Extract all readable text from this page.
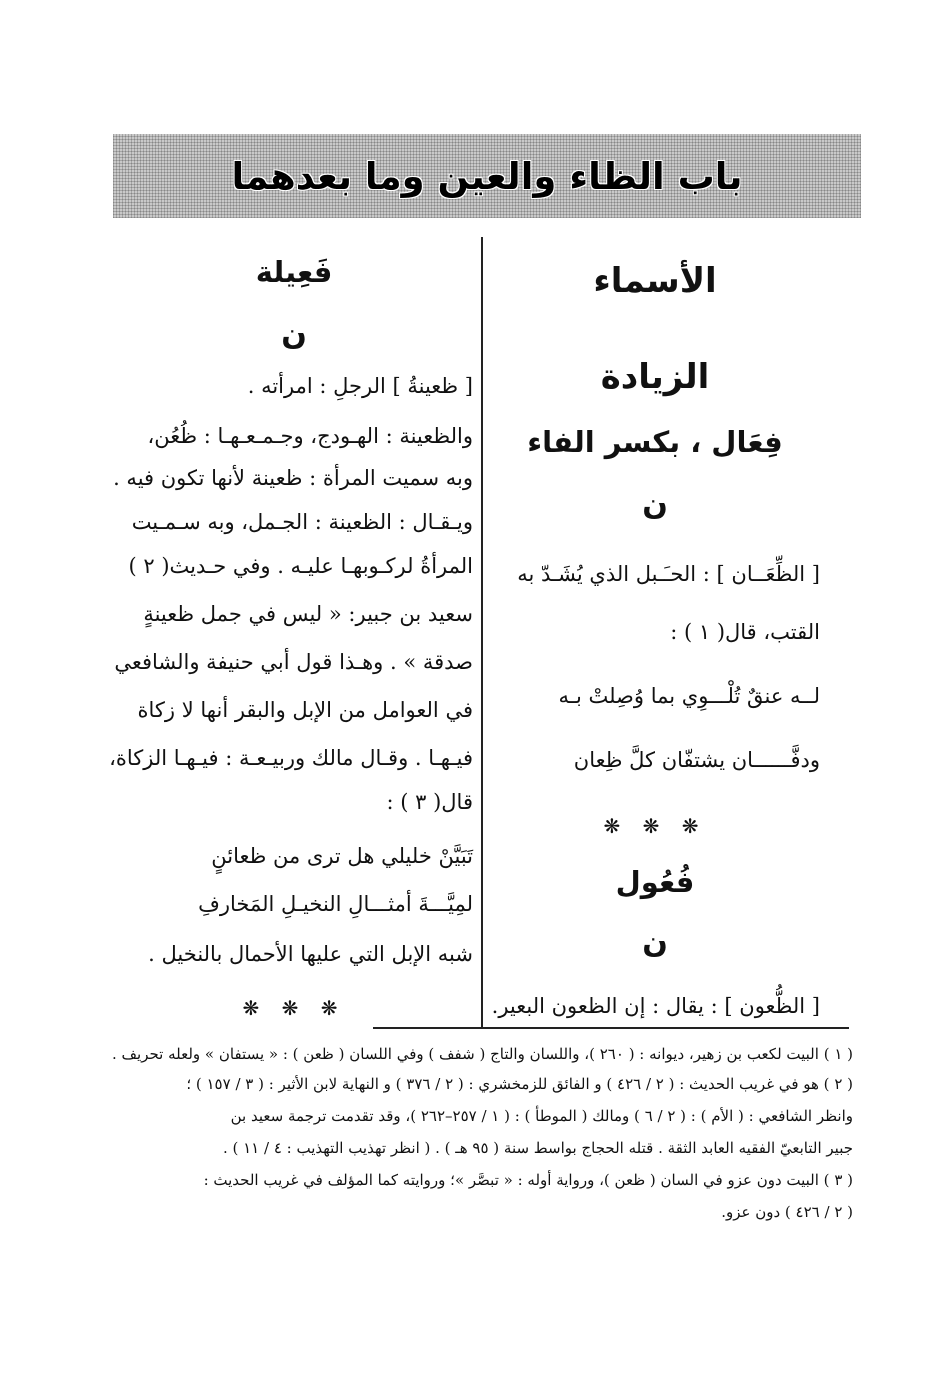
باب الظاء والعين وما بعدهما
الأسماء
الزيادة
فِعَال ، بكسر الفاء
ن
[ الظِّعَــان ] : الحـَـبل الذي يُشَـدّ به
القتب، قال( ١ ) :
لــه عنقٌ تُلْـــوِي بما وُصِلتْ بـه
ودفَّــــــان يشتفّان كلَّ ظِعان
❋ ❋ ❋
فُعُول
ن
[ الظُّعون ] : يقال : إن الظعون البعير.
فَعِيلة
ن
[ ظعينةُ ] الرجلِ : امرأته .
والظعينة : الهـودج، وجـمـعـهـا : ظُعُن،
وبه سميت المرأة : ظعينة لأنها تكون فيه .
ويـقـال : الظعينة : الجـمل، وبه سـمـيت
المرأةُ لركـوبهـا عليـه . وفي حـديث( ٢ )
سعيد بن جبير: « ليس في جمل ظعينةٍ
صدقة » . وهـذا قول أبي حنيفة والشافعي
في العوامل من الإبل والبقر أنها لا زكاة
فيـهـا . وقـال مالك وربيـعـة : فيـهـا الزكاة،
قال( ٣ ) :
تَبَيَّنْ خليلي هل ترى من ظعائنٍ
لمِيَّـــةَ أمثـــالِ النخيـلِ المَخارفِ
شبه الإبل التي عليها الأحمال بالنخيل .
❋ ❋ ❋
( ١ ) البيت لكعب بن زهير، ديوانه : ( ٢٦٠ )، واللسان والتاج ( شفف ) وفي اللسان ( ظعن ) : « يستفان » ولعله تحريف .
( ٢ ) هو في غريب الحديث : ( ٢ / ٤٢٦ ) و الفائق للزمخشري : ( ٢ / ٣٧٦ ) و النهاية لابن الأثير : ( ٣ / ١٥٧ ) ؛
وانظر الشافعي : ( الأم ) : ( ٢ / ٦ ) ومالك ( الموطأ ) : ( ١ / ٢٥٧–٢٦٢ )، وقد تقدمت ترجمة سعيد بن
جبير التابعيّ الفقيه العابد الثقة . قتله الحجاج بواسط سنة ( ٩٥ هـ ) . ( انظر تهذيب التهذيب : ٤ / ١١ ) .
( ٣ ) البيت دون عزو في السان ( ظعن )، ورواية أوله : « تبصَّر »؛ وروايته كما المؤلف في غريب الحديث :
( ٢ / ٤٢٦ ) دون عزو.
